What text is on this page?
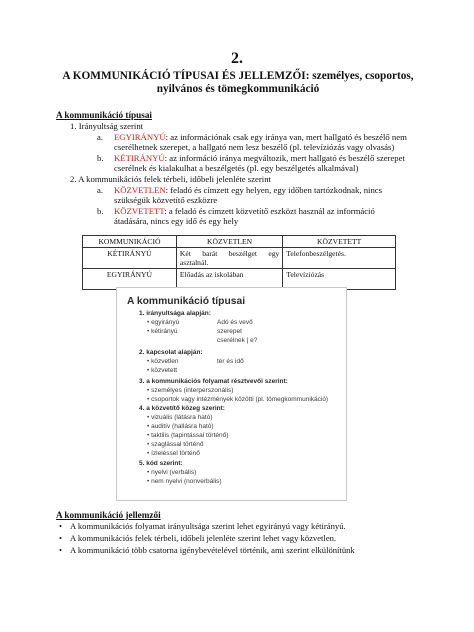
2.
A KOMMUNIKÁCIÓ TÍPUSAI ÉS JELLEMZŐI: személyes, csoportos,
nyilvános és tömegkommunikáció
A kommunikáció típusai
1. Irányultság szerint
a. EGYIRÁNYÚ: az információnak csak egy iránya van, mert hallgató és beszélő nem
cserélhetnek szerepet, a hallgató nem lesz beszélő (pl. televíziózás vagy olvasás)
b. KÉTIRÁNYÚ: az információ iránya megváltozik, mert hallgató és beszélő szerepet
cserélnek és kialakulhat a beszélgetés (pl. egy beszélgetés alkalmával)
2. A kommunikációs felek térbeli, időbeli jelenléte szerint
a. KÖZVETLEN: feladó és címzett egy helyen, egy időben tartózkodnak, nincs
szükségük közvetítő eszközre
b. KÖZVETETT: a feladó és címzett közvetítő eszközt használ az információ
átadására, nincs egy idő és egy hely
KOMMUNIKÁCIÓ	KÖZVETLEN	KÖZVETETT
KÉTIRÁNYÚ	Két barát beszélget egy asztalnál.	Telefonbeszélgetés.
EGYIRÁNYÚ	Előadás az iskolában	Televíziózás
A kommunikáció típusai
1. irányultsága alapján:
• egyirányú
• kétirányú
Adó és vevő
szerepet
cserélnek | e?
2. kapcsolat alapján:
• közvetlen
• közvetett
tér és idő
3. a kommunikációs folyamat résztvevői szerint:
• személyes (interperszonális)
• csoportok vagy intézmények közötti (pl. tömegkommunikáció)
4. a közvetítő közeg szerint:
• vizuális (látásra ható)
• auditív (hallásra ható)
• taktilis (tapintással történő)
• szaglással történő
• ízleléssel történő
5. kód szerint:
• nyelvi (verbális)
• nem nyelvi (nonverbális)
A kommunikáció jellemzői
• A kommunikációs folyamat irányultsága szerint lehet egyirányú vagy kétirányú.
• A kommunikációs felek térbeli, időbeli jelenléte szerint lehet vagy közvetlen.
• A kommunikáció több csatorna igénybevételével történik, ami szerint elkülönítünk
